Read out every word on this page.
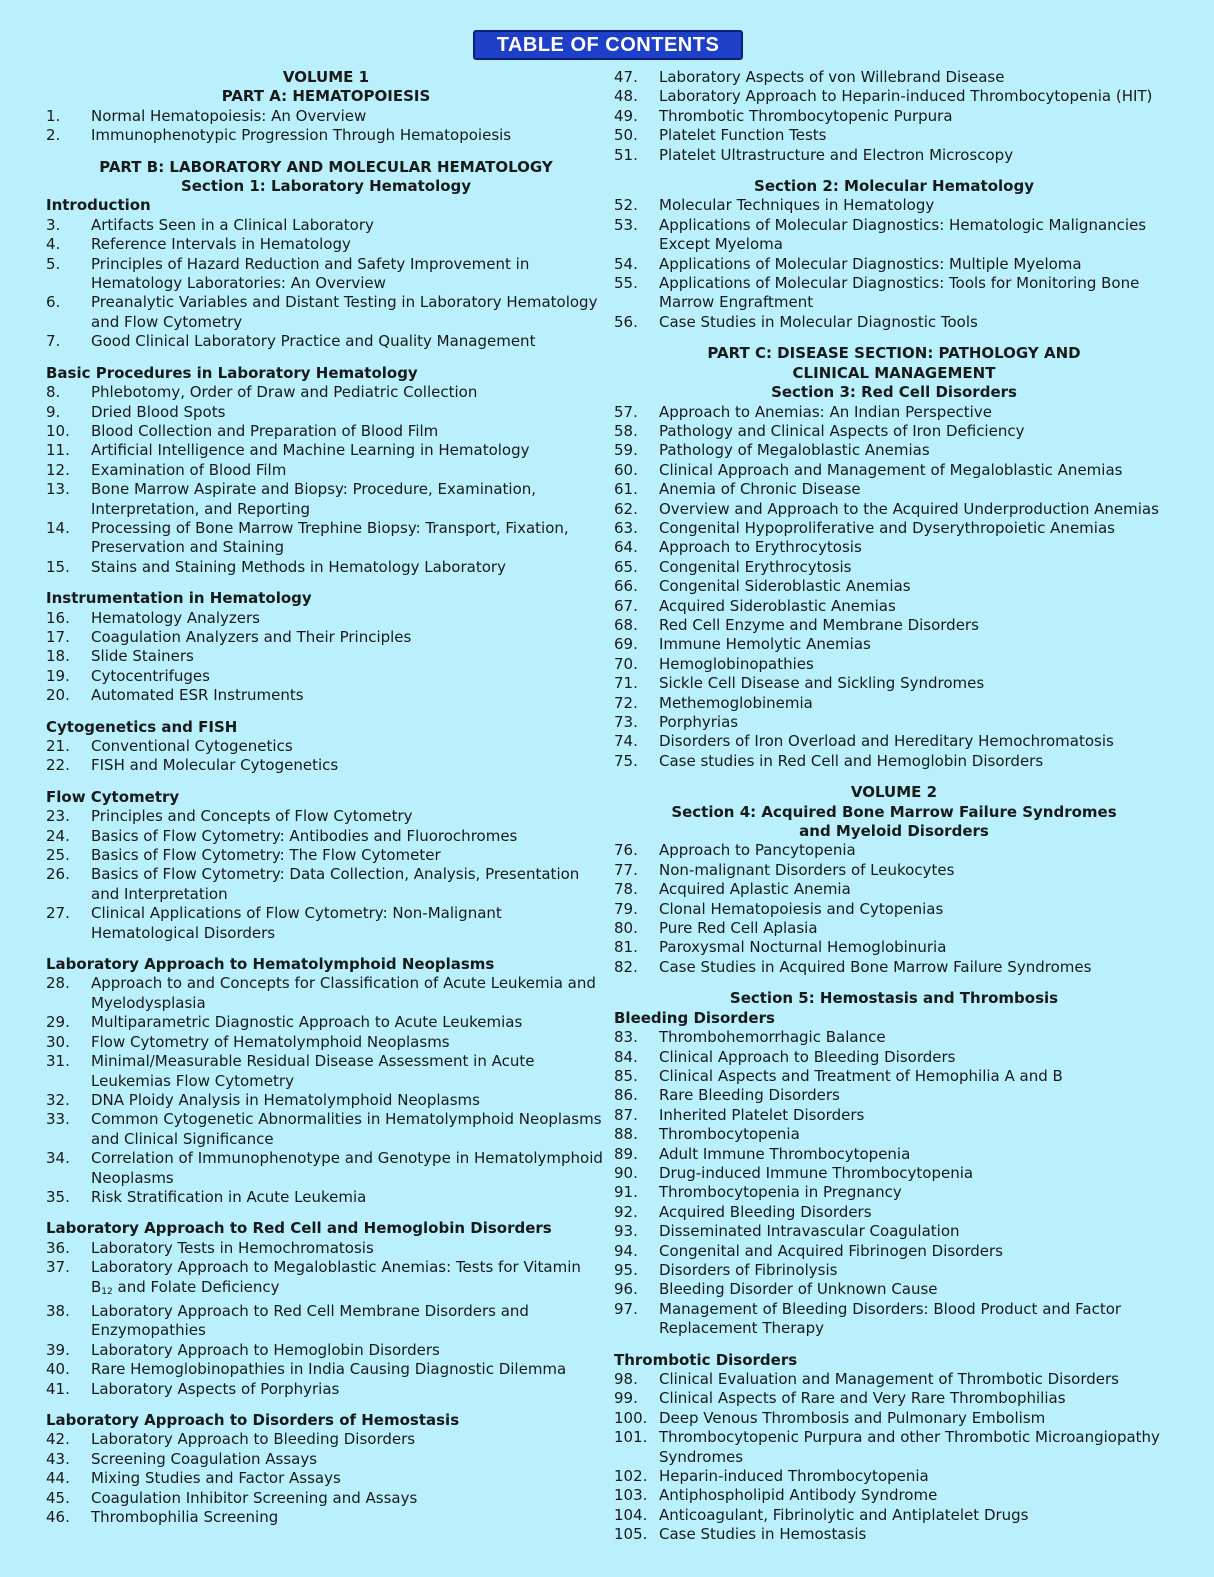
TABLE OF CONTENTS
VOLUME 1
PART A: HEMATOPOIESIS
1.	Normal Hematopoiesis: An Overview
2.	Immunophenotypic Progression Through Hematopoiesis
PART B: LABORATORY AND MOLECULAR HEMATOLOGY
Section 1: Laboratory Hematology
Introduction
3.	Artifacts Seen in a Clinical Laboratory
4.	Reference Intervals in Hematology
5.	Principles of Hazard Reduction and Safety Improvement in
Hematology Laboratories: An Overview
6.	Preanalytic Variables and Distant Testing in Laboratory Hematology
and Flow Cytometry
7.	Good Clinical Laboratory Practice and Quality Management
Basic Procedures in Laboratory Hematology
8.	Phlebotomy, Order of Draw and Pediatric Collection
9.	Dried Blood Spots
10.	Blood Collection and Preparation of Blood Film
11.	Artificial Intelligence and Machine Learning in Hematology
12.	Examination of Blood Film
13.	Bone Marrow Aspirate and Biopsy: Procedure, Examination,
Interpretation, and Reporting
14.	Processing of Bone Marrow Trephine Biopsy: Transport, Fixation,
Preservation and Staining
15.	Stains and Staining Methods in Hematology Laboratory
Instrumentation in Hematology
16.	Hematology Analyzers
17.	Coagulation Analyzers and Their Principles
18.	Slide Stainers
19.	Cytocentrifuges
20.	Automated ESR Instruments
Cytogenetics and FISH
21.	Conventional Cytogenetics
22.	FISH and Molecular Cytogenetics
Flow Cytometry
23.	Principles and Concepts of Flow Cytometry
24.	Basics of Flow Cytometry: Antibodies and Fluorochromes
25.	Basics of Flow Cytometry: The Flow Cytometer
26.	Basics of Flow Cytometry: Data Collection, Analysis, Presentation
and Interpretation
27.	Clinical Applications of Flow Cytometry: Non-Malignant
Hematological Disorders
Laboratory Approach to Hematolymphoid Neoplasms
28.	Approach to and Concepts for Classification of Acute Leukemia and
Myelodysplasia
29.	Multiparametric Diagnostic Approach to Acute Leukemias
30.	Flow Cytometry of Hematolymphoid Neoplasms
31.	Minimal/Measurable Residual Disease Assessment in Acute
Leukemias Flow Cytometry
32.	DNA Ploidy Analysis in Hematolymphoid Neoplasms
33.	Common Cytogenetic Abnormalities in Hematolymphoid Neoplasms
and Clinical Significance
34.	Correlation of Immunophenotype and Genotype in Hematolymphoid
Neoplasms
35.	Risk Stratification in Acute Leukemia
Laboratory Approach to Red Cell and Hemoglobin Disorders
36.	Laboratory Tests in Hemochromatosis
37.	Laboratory Approach to Megaloblastic Anemias: Tests for Vitamin
$B_{12}$ and Folate Deficiency
38.	Laboratory Approach to Red Cell Membrane Disorders and
Enzymopathies
39.	Laboratory Approach to Hemoglobin Disorders
40.	Rare Hemoglobinopathies in India Causing Diagnostic Dilemma
41.	Laboratory Aspects of Porphyrias
Laboratory Approach to Disorders of Hemostasis
42.	Laboratory Approach to Bleeding Disorders
43.	Screening Coagulation Assays
44.	Mixing Studies and Factor Assays
45.	Coagulation Inhibitor Screening and Assays
46.	Thrombophilia Screening
47.	Laboratory Aspects of von Willebrand Disease
48.	Laboratory Approach to Heparin-induced Thrombocytopenia (HIT)
49.	Thrombotic Thrombocytopenic Purpura
50.	Platelet Function Tests
51.	Platelet Ultrastructure and Electron Microscopy
Section 2: Molecular Hematology
52.	Molecular Techniques in Hematology
53.	Applications of Molecular Diagnostics: Hematologic Malignancies
Except Myeloma
54.	Applications of Molecular Diagnostics: Multiple Myeloma
55.	Applications of Molecular Diagnostics: Tools for Monitoring Bone
Marrow Engraftment
56.	Case Studies in Molecular Diagnostic Tools
PART C: DISEASE SECTION: PATHOLOGY AND
CLINICAL MANAGEMENT
Section 3: Red Cell Disorders
57.	Approach to Anemias: An Indian Perspective
58.	Pathology and Clinical Aspects of Iron Deficiency
59.	Pathology of Megaloblastic Anemias
60.	Clinical Approach and Management of Megaloblastic Anemias
61.	Anemia of Chronic Disease
62.	Overview and Approach to the Acquired Underproduction Anemias
63.	Congenital Hypoproliferative and Dyserythropoietic Anemias
64.	Approach to Erythrocytosis
65.	Congenital Erythrocytosis
66.	Congenital Sideroblastic Anemias
67.	Acquired Sideroblastic Anemias
68.	Red Cell Enzyme and Membrane Disorders
69.	Immune Hemolytic Anemias
70.	Hemoglobinopathies
71.	Sickle Cell Disease and Sickling Syndromes
72.	Methemoglobinemia
73.	Porphyrias
74.	Disorders of Iron Overload and Hereditary Hemochromatosis
75.	Case studies in Red Cell and Hemoglobin Disorders
VOLUME 2
Section 4: Acquired Bone Marrow Failure Syndromes
and Myeloid Disorders
76.	Approach to Pancytopenia
77.	Non-malignant Disorders of Leukocytes
78.	Acquired Aplastic Anemia
79.	Clonal Hematopoiesis and Cytopenias
80.	Pure Red Cell Aplasia
81.	Paroxysmal Nocturnal Hemoglobinuria
82.	Case Studies in Acquired Bone Marrow Failure Syndromes
Section 5: Hemostasis and Thrombosis
Bleeding Disorders
83.	Thrombohemorrhagic Balance
84.	Clinical Approach to Bleeding Disorders
85.	Clinical Aspects and Treatment of Hemophilia A and B
86.	Rare Bleeding Disorders
87.	Inherited Platelet Disorders
88.	Thrombocytopenia
89.	Adult Immune Thrombocytopenia
90.	Drug-induced Immune Thrombocytopenia
91.	Thrombocytopenia in Pregnancy
92.	Acquired Bleeding Disorders
93.	Disseminated Intravascular Coagulation
94.	Congenital and Acquired Fibrinogen Disorders
95.	Disorders of Fibrinolysis
96.	Bleeding Disorder of Unknown Cause
97.	Management of Bleeding Disorders: Blood Product and Factor
Replacement Therapy
Thrombotic Disorders
98.	Clinical Evaluation and Management of Thrombotic Disorders
99.	Clinical Aspects of Rare and Very Rare Thrombophilias
100. Deep Venous Thrombosis and Pulmonary Embolism
101. Thrombocytopenic Purpura and other Thrombotic Microangiopathy
Syndromes
102. Heparin-induced Thrombocytopenia
103. Antiphospholipid Antibody Syndrome
104. Anticoagulant, Fibrinolytic and Antiplatelet Drugs
105. Case Studies in Hemostasis
